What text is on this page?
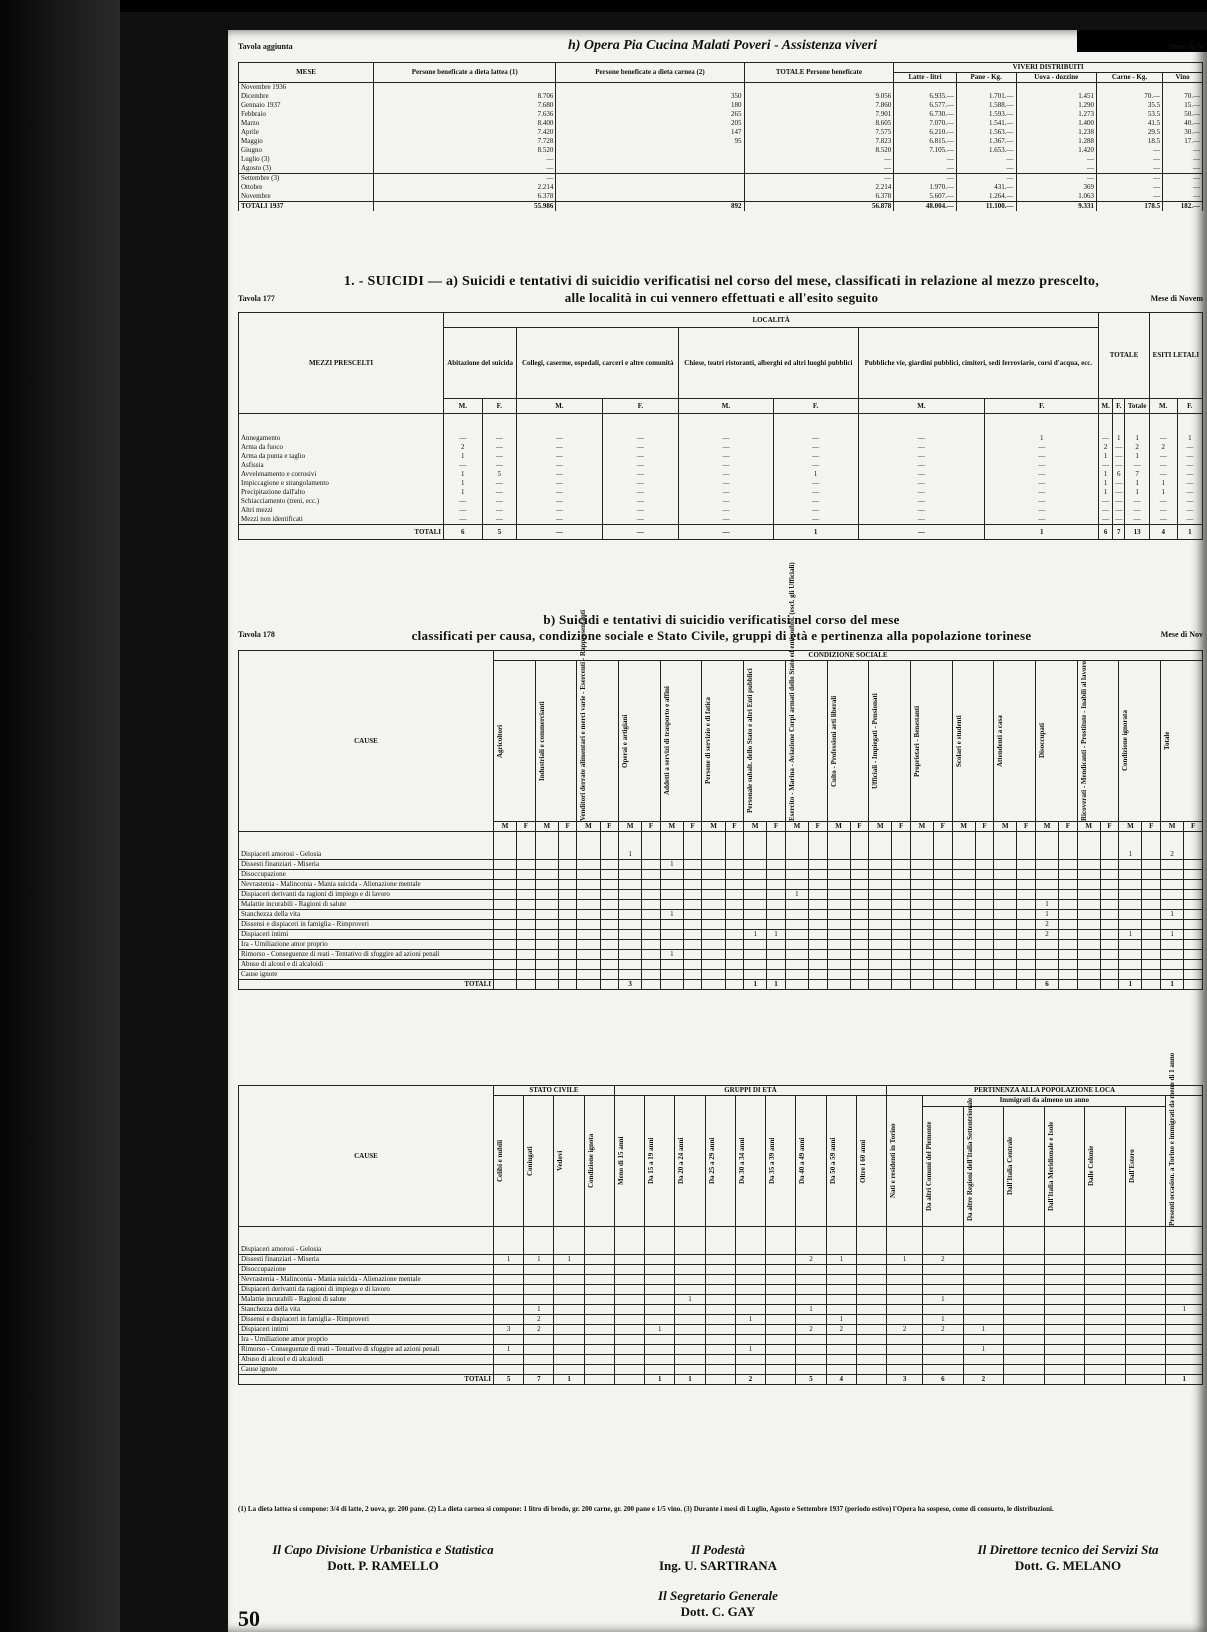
Tavola aggiunta	h) Opera Pia Cucina Malati Poveri - Assistenza viveri	Mese di N
MESE	Persone beneficate a dieta lattea (1)	Persone beneficate a dieta carnea (2)	TOTALE Persone beneficate	VIVERI DISTRIBUITI				
				Latte - litri	Pane - Kg.	Uova - dozzine	Carne - Kg.	Vino
Novembre 1936								
Dicembre	8.706	350	9.056	6.935.—	1.701.—	1.451	70.—	70.—
Gennaio 1937	7.680	180	7.860	6.577.—	1.588.—	1.290	35.5	15.—
Febbraio	7.636	265	7.901	6.730.—	1.593.—	1.273	53.5	50.—
Marzo	8.400	205	8.605	7.070.—	1.541.—	1.400	41.5	40.—
Aprile	7.420	147	7.575	6.210.—	1.563.—	1.238	29.5	30.—
Maggio	7.728	95	7.823	6.815.—	1.367.—	1.288	18.5	17.—
Giugno	8.520		8.520	7.105.—	1.653.—	1.420	—	—
Luglio (3)	—		—	—	—	—	—	—
Agosto (3)	—		—	—	—	—	—	—
Settembre (3)	—		—	—	—	—	—	—
Ottobre	2.214		2.214	1.970.—	431.—	369	—	—
Novembre	6.378		6.378	5.607.—	1.264.—	1.063	—	—
TOTALI 1937	55.986	892	56.878	48.004.—	11.100.—	9.331	178.5	182.—
1. - SUICIDI — a) Suicidi e tentativi di suicidio verificatisi nel corso del mese, classificati in relazione al mezzo prescelto,
alle località in cui vennero effettuati e all'esito seguito
Tavola 177	Mese di Novem
MEZZI PRESCELTI	LOCALITÀ								TOTALE			ESITI LETALI	
	Abitazione del suicida		Collegi, caserme, ospedali, carceri e altre comunità		Chiese, teatri ristoranti, alberghi ed altri luoghi pubblici		Pubbliche vie, giardini pubblici, cimiteri, sedi ferroviarie, corsi d'acqua, ecc.						
	M.	F.	M.	F.	M.	F.	M.	F.	M.	F.	Totale	M.	F.
Annegamento	—	—	—	—	—	—	—	1	—	1	1	—	1
Arma da fuoco	2	—	—	—	—	—	—	—	2	—	2	2	—
Arma da punta e taglio	1	—	—	—	—	—	—	—	1	—	1	—	—
Asfissia	—	—	—	—	—	—	—	—	—	—	—	—	—
Avvelenamento e corrosivi	1	5	—	—	—	1	—	—	1	6	7	—	—
Impiccagione e strangolamento	1	—	—	—	—	—	—	—	1	—	1	1	—
Precipitazione dall'alto	1	—	—	—	—	—	—	—	1	—	1	1	—
Schiacciamento (treni, ecc.)	—	—	—	—	—	—	—	—	—	—	—	—	—
Altri mezzi	—	—	—	—	—	—	—	—	—	—	—	—	—
Mezzi non identificati	—	—	—	—	—	—	—	—	—	—	—	—	—
TOTALI	6	5	—	—	—	1	—	1	6	7	13	4	1
b) Suicidi e tentativi di suicidio verificatisi nel corso del mese
classificati per causa, condizione sociale e Stato Civile, gruppi di età e pertinenza alla popolazione torinese
Tavola 178	Mese di Nov
CAUSE	CONDIZIONE SOCIALE																																	

	Agricoltori		Industriali e commercianti		Venditori derrate alimentari e merci varie - Esercenti - Rappresentanti		Operai e artigiani		Addetti a servizi di trasporto e affini		Persone di servizio e di fatica		Personale subalt. dello Stato e altri Enti pubblici		Esercito - Marina - Aviazione Corpi armati dello Stato ed enti pubbl. (escl. gli Ufficiali)		Culto - Professioni arti liberali		Ufficiali - Impiegati - Pensionati		Proprietari - Benestanti		Scolari e studenti		Attendenti a casa		Disoccupati		Ricoverati - Mendicanti - Prostitute - Inabili al lavoro		Condizione ignorata		Totale	

	M	F	M	F	M	F	M	F	M	F	M	F	M	F	M	F	M	F	M	F	M	F	M	F	M	F	M	F	M	F	M	F	M	F
Dispiaceri amorosi - Gelosia							1																								1		2	
Dissesti finanziari - Miseria									1																									
Disoccupazione																																		
Nevrastenia - Malinconia - Mania suicida - Alienazione mentale																																		
Dispiaceri derivanti da ragioni di impiego e di lavoro															1																			
Malattie incurabili - Ragioni di salute																											1							
Stanchezza della vita									1																		1						1	
Dissensi e dispiaceri in famiglia - Rimproveri																											2							
Dispiaceri intimi													1	1													2				1		1	
Ira - Umiliazione amor proprio																																		
Rimorso - Conseguenze di reati - Tentativo di sfuggire ad azioni penali									1																									
Abuso di alcool e di alcaloidi																																		
Cause ignote																																		
TOTALI							3						1	1													6				1		1	
CAUSE	STATO CIVILE				GRUPPI DI ETÀ									PERTINENZA ALLA POPOLAZIONE LOCA							

	Celibi e nubili	Coniugati	Vedovi	Condizione ignota	Meno di 15 anni	Da 15 a 19 anni	Da 20 a 24 anni	Da 25 a 29 anni	Da 30 a 34 anni	Da 35 a 39 anni	Da 40 a 49 anni	Da 50 a 59 anni	Oltre i 60 anni	Nati e residenti in Torino	Immigrati da almeno un anno						Presenti occasion. a Torino e immigrati da meno di 1 anno

															Da altri Comuni del Piemonte	Da altre Regioni dell'Italia Settentrionale	Dall'Italia Centrale	Dall'Italia Meridionale e Isole	Dalle Colonie	Dall'Estero	

Dispiaceri amorosi - Gelosia																					
Dissesti finanziari - Miseria	1	1	1								2	1		1	2						
Disoccupazione																					
Nevrastenia - Malinconia - Mania suicida - Alienazione mentale																					
Dispiaceri derivanti da ragioni di impiego e di lavoro																					
Malattie incurabili - Ragioni di salute							1								1						
Stanchezza della vita		1									1										1
Dissensi e dispiaceri in famiglia - Rimproveri		2							1			1			1						
Dispiaceri intimi	3	2				1					2	2		2	2	1					
Ira - Umiliazione amor proprio																					
Rimorso - Conseguenze di reati - Tentativo di sfuggire ad azioni penali	1								1							1					
Abuso di alcool e di alcaloidi																					
Cause ignote																					
TOTALI	5	7	1			1	1		2		5	4		3	6	2					1
(1) La dieta lattea si compone: 3/4 di latte, 2 uova, gr. 200 pane. (2) La dieta carnea si compone: 1 litro di brodo, gr. 200 carne, gr. 200 pane e 1/5 vino. (3) Durante i mesi di Luglio, Agosto e Settembre 1937 (periodo estivo) l'Opera ha sospeso, come di consueto, le distribuzioni.
Il Capo Divisione Urbanistica e Statistica
Dott. P. RAMELLO
Il Podestà
Ing. U. SARTIRANA
Il Direttore tecnico dei Servizi Sta
Dott. G. MELANO
Il Segretario Generale
Dott. C. GAY
50
